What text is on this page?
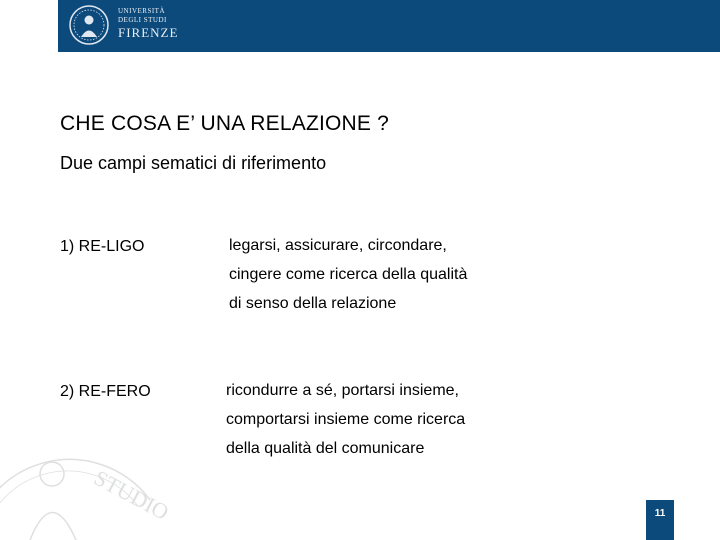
UNIVERSITÀ
DEGLI STUDI
FIRENZE
CHE COSA E’ UNA RELAZIONE ?
Due campi sematici di riferimento
1) RE-LIGO	legarsi, assicurare, circondare,
cingere come ricerca della qualità
di senso della relazione
2) RE-FERO	ricondurre a sé, portarsi insieme,
comportarsi insieme come ricerca
della qualità del comunicare
STUDIO	11
